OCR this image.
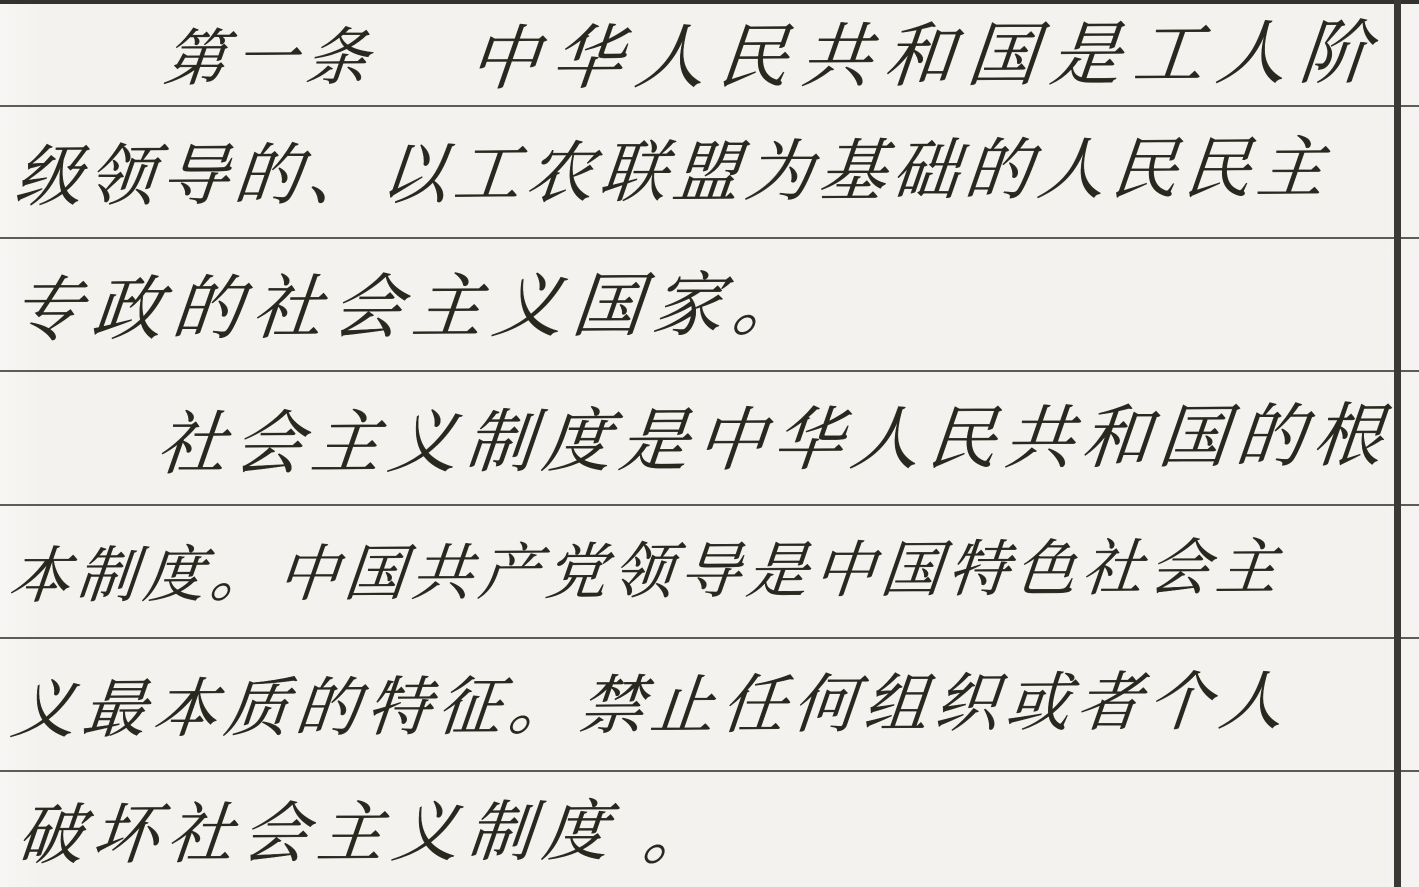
第一条 中华人民共和国是工人阶
级领导的、以工农联盟为基础的人民民主
专政的社会主义国家。
社会主义制度是中华人民共和国的根
本制度。中国共产党领导是中国特色社会主
义最本质的特征。禁止任何组织或者个人
破坏社会主义制度 。
